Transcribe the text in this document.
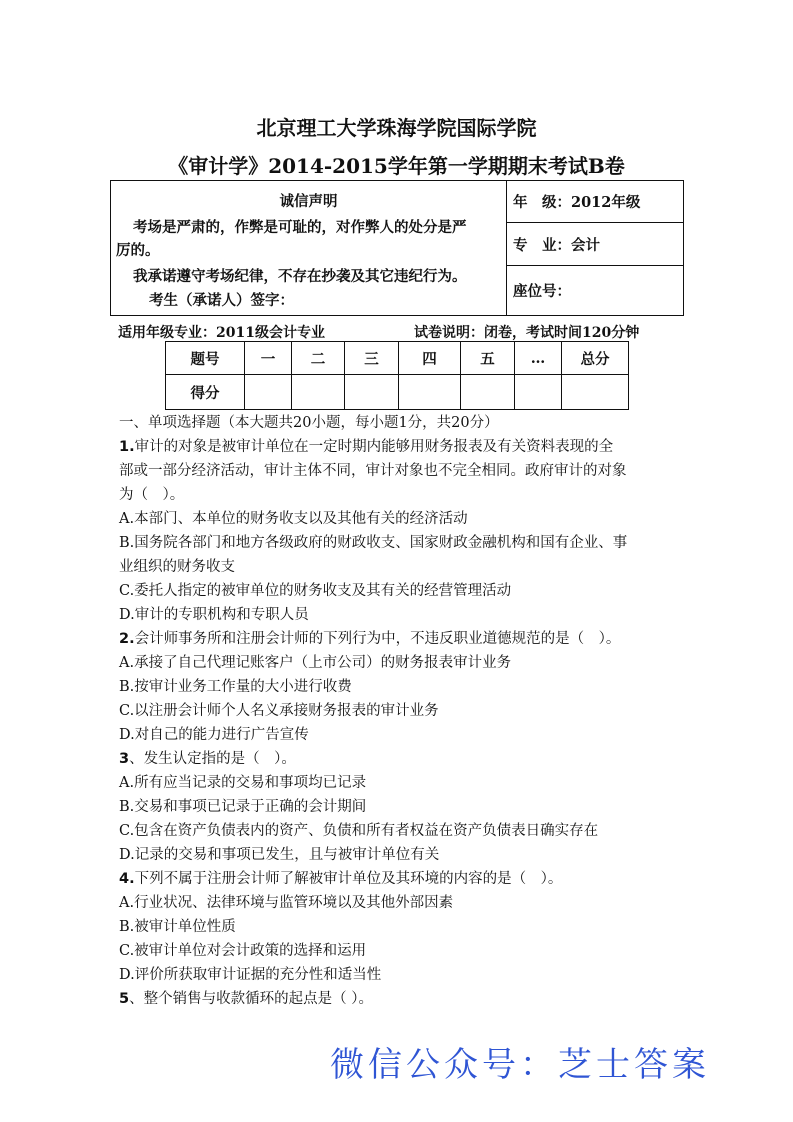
北京理工大学珠海学院国际学院
《审计学》2014-2015学年第一学期期末考试B卷
诚信声明
考场是严肃的，作弊是可耻的，对作弊人的处分是严
厉的。
我承诺遵守考场纪律，不存在抄袭及其它违纪行为。
考生（承诺人）签字：
年　级：2012年级
专　业：会计
座位号：
适用年级专业：2011级会计专业	试卷说明：闭卷，考试时间120分钟
题号	一	二	三	四	五	…	总分
得分							
一、单项选择题（本大题共20小题，每小题1分，共20分）
1.审计的对象是被审计单位在一定时期内能够用财务报表及有关资料表现的全
部或一部分经济活动，审计主体不同，审计对象也不完全相同。政府审计的对象
为（　）。
A.本部门、本单位的财务收支以及其他有关的经济活动
B.国务院各部门和地方各级政府的财政收支、国家财政金融机构和国有企业、事
业组织的财务收支
C.委托人指定的被审单位的财务收支及其有关的经营管理活动
D.审计的专职机构和专职人员
2.会计师事务所和注册会计师的下列行为中，不违反职业道德规范的是（　）。
A.承接了自己代理记账客户（上市公司）的财务报表审计业务
B.按审计业务工作量的大小进行收费
C.以注册会计师个人名义承接财务报表的审计业务
D.对自己的能力进行广告宣传
3、发生认定指的是（　）。
A.所有应当记录的交易和事项均已记录
B.交易和事项已记录于正确的会计期间
C.包含在资产负债表内的资产、负债和所有者权益在资产负债表日确实存在
D.记录的交易和事项已发生，且与被审计单位有关
4.下列不属于注册会计师了解被审计单位及其环境的内容的是（　）。
A.行业状况、法律环境与监管环境以及其他外部因素
B.被审计单位性质
C.被审计单位对会计政策的选择和运用
D.评价所获取审计证据的充分性和适当性
5、整个销售与收款循环的起点是（ ）。
微信公众号：芝士答案
